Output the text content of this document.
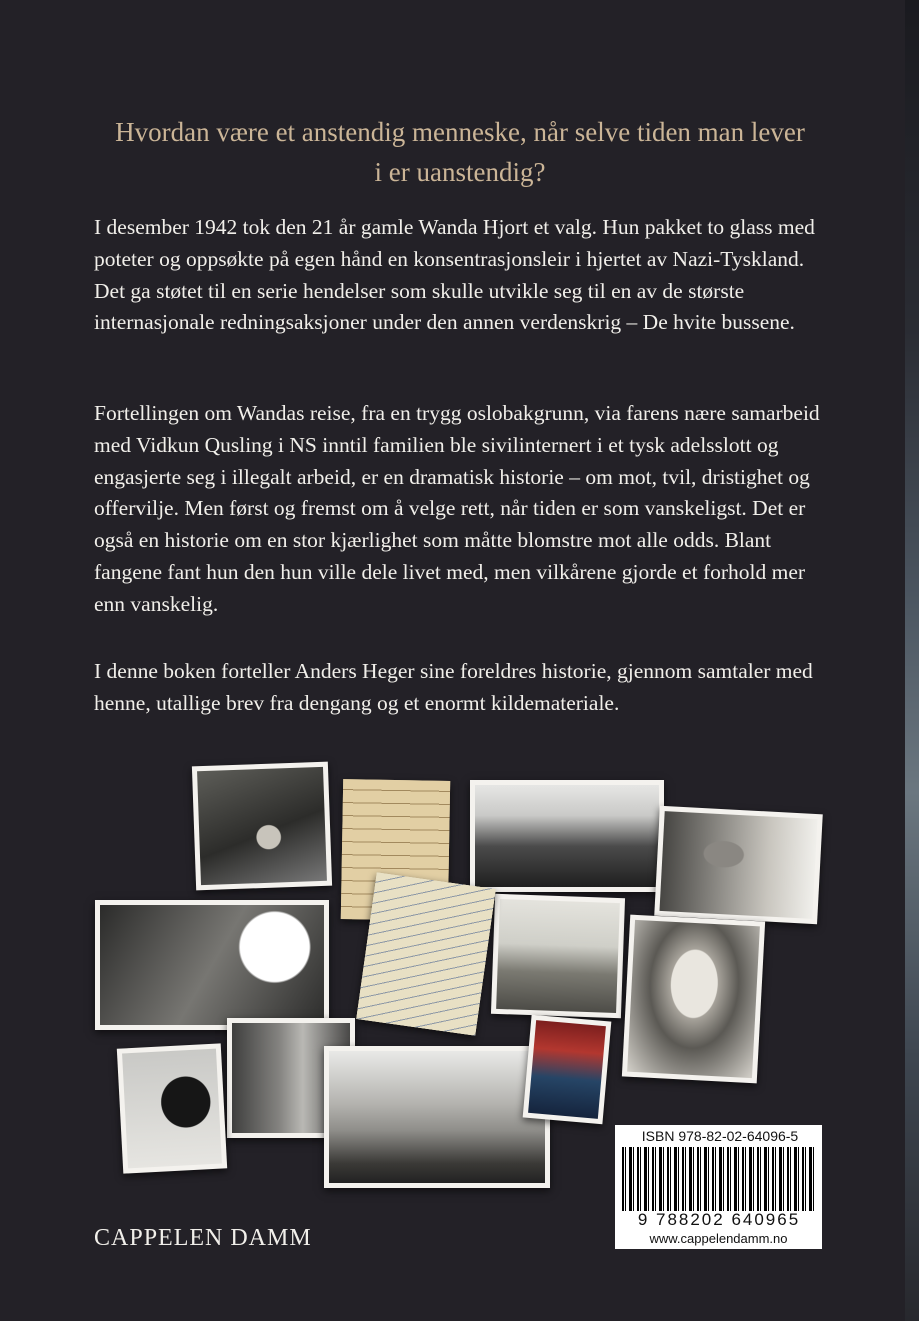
Hvordan være et anstendig menneske, når selve tiden man lever i er uanstendig?

I desember 1942 tok den 21 år gamle Wanda Hjort et valg. Hun pakket to glass med poteter og oppsøkte på egen hånd en konsentrasjonsleir i hjertet av Nazi-Tyskland. Det ga støtet til en serie hendelser som skulle utvikle seg til en av de største internasjonale redningsaksjoner under den annen verdenskrig – De hvite bussene.

Fortellingen om Wandas reise, fra en trygg oslobakgrunn, via farens nære samarbeid med Vidkun Qusling i NS inntil familien ble sivilinternert i et tysk adelsslott og engasjerte seg i illegalt arbeid, er en dramatisk historie – om mot, tvil, dristighet og offervilje. Men først og fremst om å velge rett, når tiden er som vanskeligst. Det er også en historie om en stor kjærlighet som måtte blomstre mot alle odds. Blant fangene fant hun den hun ville dele livet med, men vilkårene gjorde et forhold mer enn vanskelig.

I denne boken forteller Anders Heger sine foreldres historie, gjennom samtaler med henne, utallige brev fra dengang og et enormt kildemateriale.

ISBN 978-82-02-64096-5

9 788202 640965

www.cappelendamm.no

CAPPELEN DAMM
